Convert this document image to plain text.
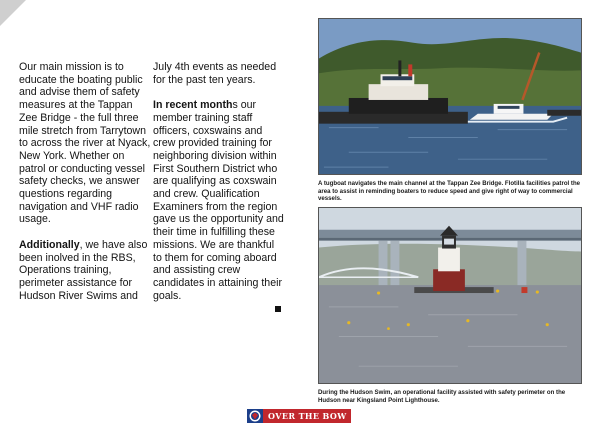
Our main mission is to educate the boating public and advise them of safety measures at the Tappan Zee Bridge - the full three mile stretch from Tarrytown to across the river at Nyack, New York. Whether on patrol or conducting vessel safety checks, we answer questions regarding navigation and VHF radio usage.

Additionally, we have also been inolved in the RBS, Operations training, perimeter assistance for Hudson River Swims and

July 4th events as needed for the past ten years.

In recent months our member training staff officers, coxswains and crew provided training for neighboring division within First Southern District who are qualifying as coxswain and crew. Qualification Examiners from the region gave us the opportunity and their time in fulfilling these missions. We are thankful to them for coming aboard and assisting crew candidates in attaining their goals.

A tugboat navigates the main channel at the Tappan Zee Bridge. Flotilla facilities patrol the area to assist in reminding boaters to reduce speed and give right of way to commercial vessels.
During the Hudson Swim, an operational facility assisted with safety perimeter on the Hudson near Kingsland Point Lighthouse.
OVER THE BOW
